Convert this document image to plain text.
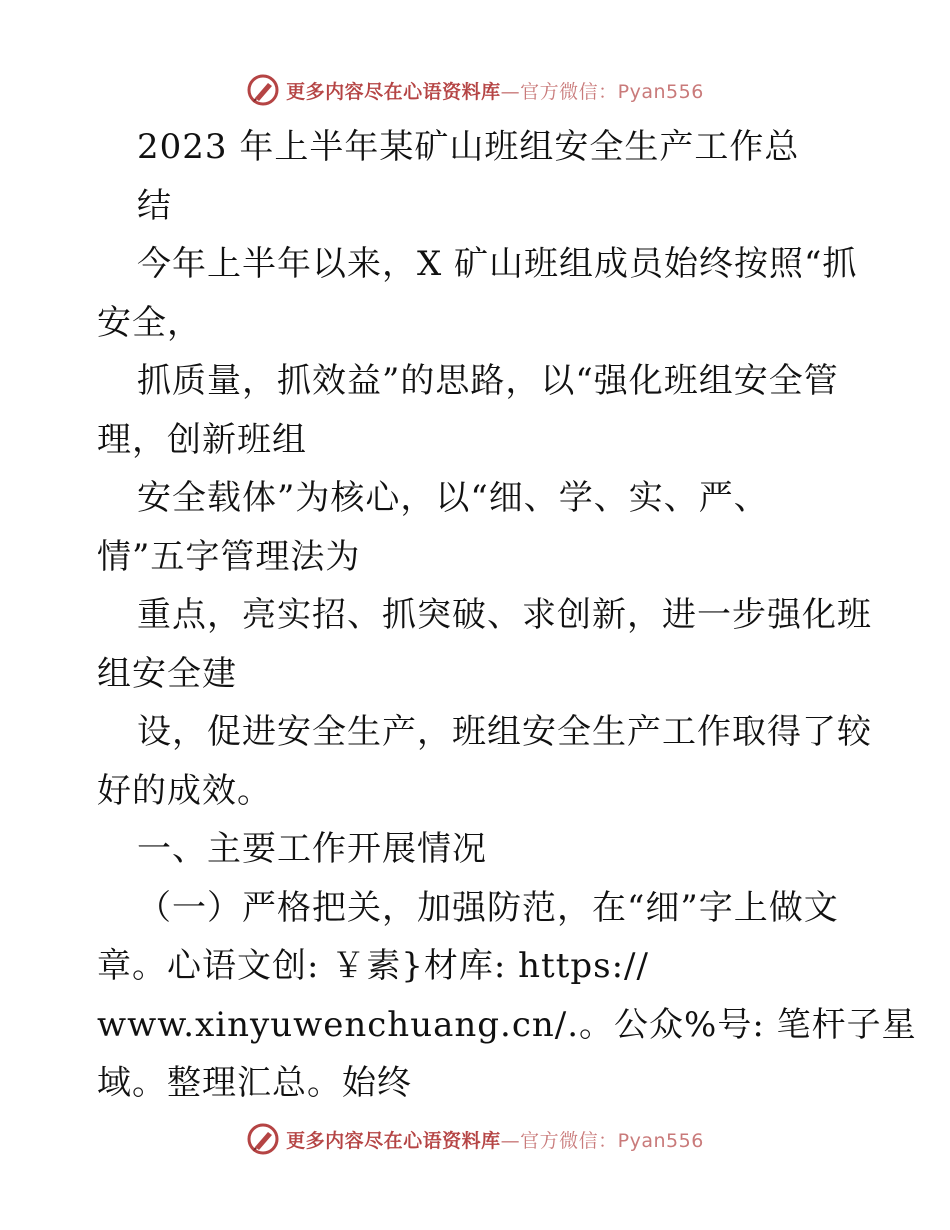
更多内容尽在心语资料库—官方微信：Pyan556
2023 年上半年某矿山班组安全生产工作总
结
今年上半年以来，X 矿山班组成员始终按照“抓
安全，
抓质量，抓效益”的思路，以“强化班组安全管
理，创新班组
安全载体”为核心，以“细、学、实、严、
情”五字管理法为
重点，亮实招、抓突破、求创新，进一步强化班
组安全建
设，促进安全生产，班组安全生产工作取得了较
好的成效。
一、主要工作开展情况
（一）严格把关，加强防范，在“细”字上做文
章。心语文创: ￥素}材库: https://
www.xinyuwenchuang.cn/.。公众%号: 笔杆子星
域。整理汇总。始终
更多内容尽在心语资料库—官方微信：Pyan556
